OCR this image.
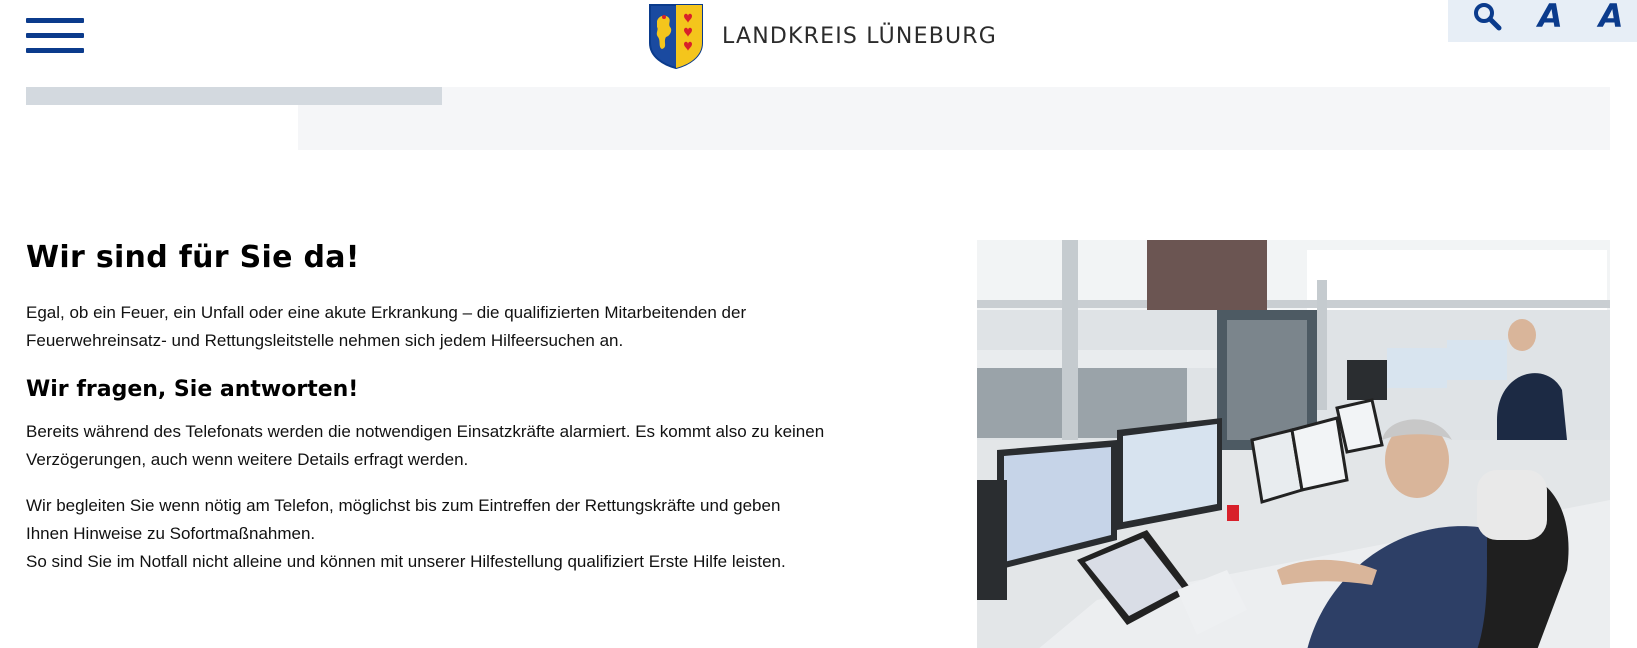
LANDKREIS LÜNEBURG
A A
Wir sind für Sie da!

Egal, ob ein Feuer, ein Unfall oder eine akute Erkrankung – die qualifizierten Mitarbeitenden der Feuerwehreinsatz- und Rettungsleitstelle nehmen sich jedem Hilfeersuchen an.

Wir fragen, Sie antworten!

Bereits während des Telefonats werden die notwendigen Einsatzkräfte alarmiert. Es kommt also zu keinen Verzögerungen, auch wenn weitere Details erfragt werden.

Wir begleiten Sie wenn nötig am Telefon, möglichst bis zum Eintreffen der Rettungskräfte und geben Ihnen Hinweise zu Sofortmaßnahmen.

So sind Sie im Notfall nicht alleine und können mit unserer Hilfestellung qualifiziert Erste Hilfe leisten.
